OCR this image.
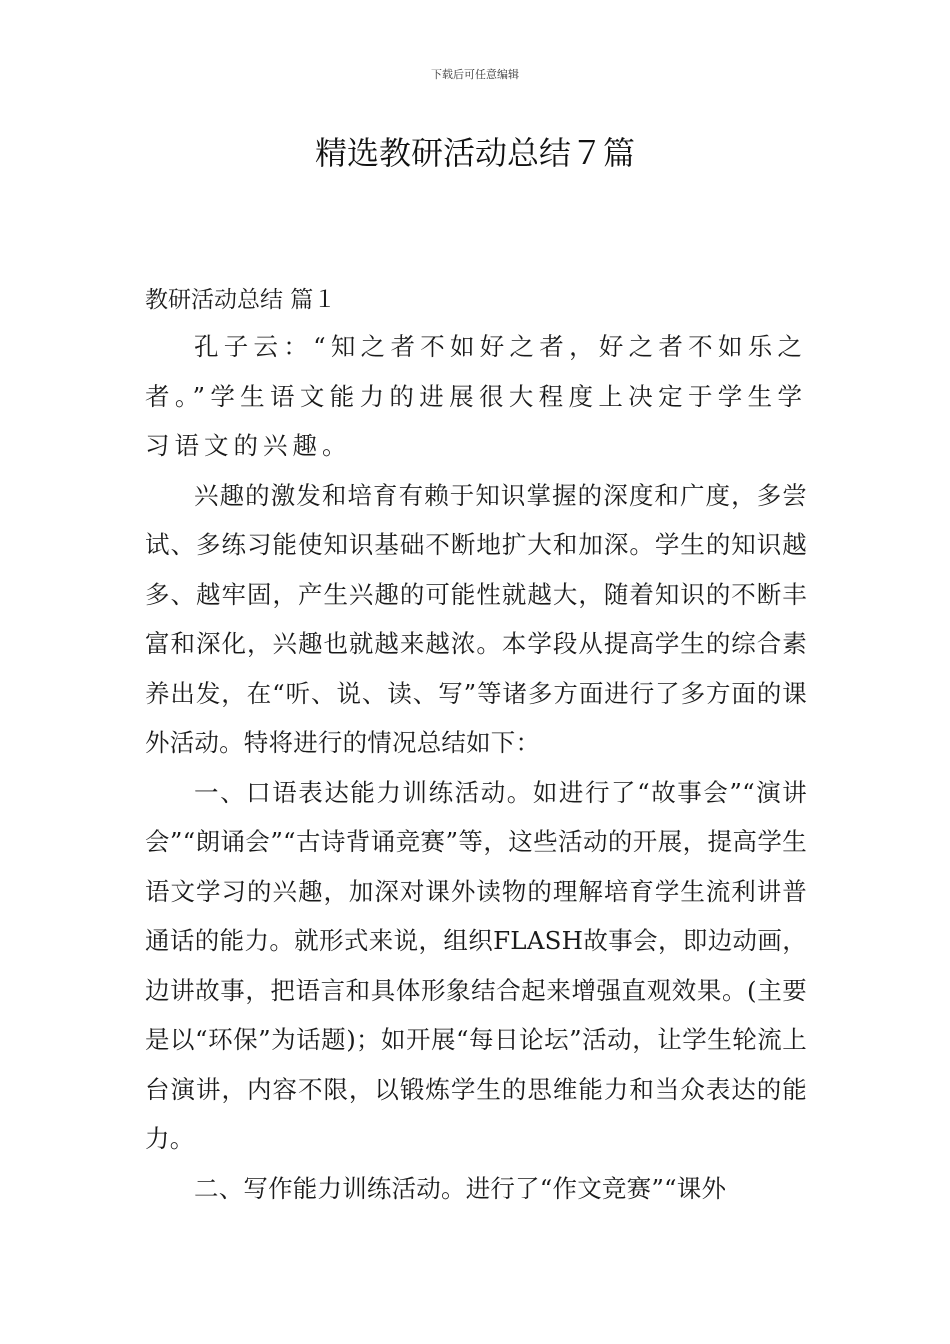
下载后可任意编辑
精选教研活动总结７篇
教研活动总结 篇１

孔子云：“知之者不如好之者，好之者不如乐之者。”学生语文能力的进展很大程度上决定于学生学习语文的兴趣。

兴趣的激发和培育有赖于知识掌握的深度和广度，多尝试、多练习能使知识基础不断地扩大和加深。学生的知识越多、越牢固，产生兴趣的可能性就越大，随着知识的不断丰富和深化，兴趣也就越来越浓。本学段从提高学生的综合素养出发，在“听、说、读、写”等诸多方面进行了多方面的课外活动。特将进行的情况总结如下：

一、口语表达能力训练活动。如进行了“故事会”“演讲会”“朗诵会”“古诗背诵竞赛”等，这些活动的开展，提高学生语文学习的兴趣，加深对课外读物的理解培育学生流利讲普通话的能力。就形式来说，组织FLASH故事会，即边动画，边讲故事，把语言和具体形象结合起来增强直观效果。(主要是以“环保”为话题)；如开展“每日论坛”活动，让学生轮流上台演讲，内容不限，以锻炼学生的思维能力和当众表达的能力。

二、写作能力训练活动。进行了“作文竞赛”“课外
